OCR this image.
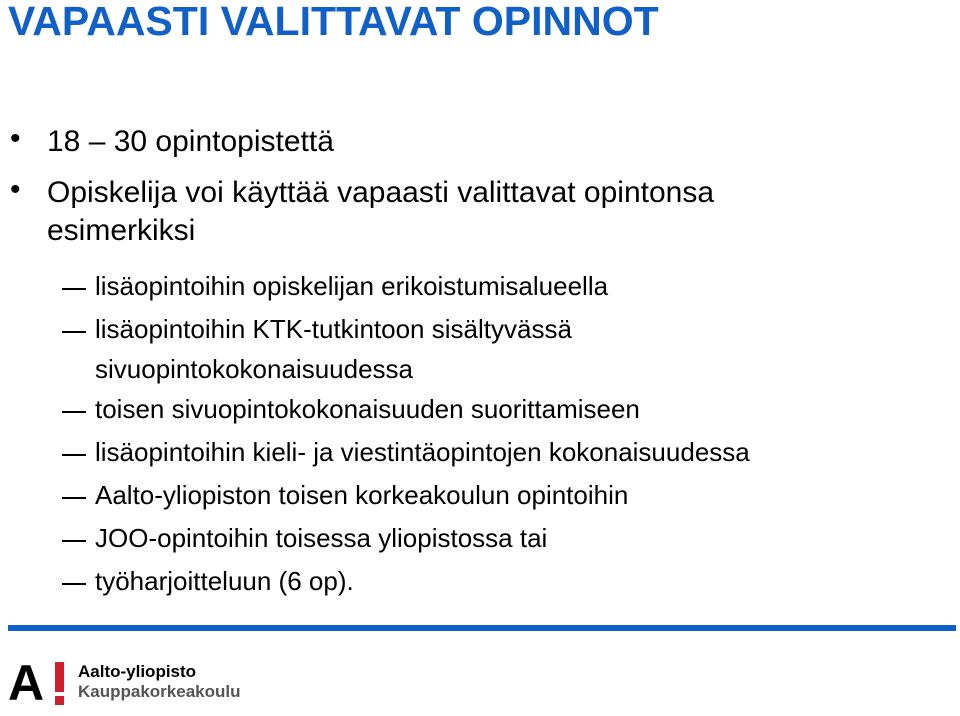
VAPAASTI VALITTAVAT OPINNOT
• 18 – 30 opintopistettä
• Opiskelija voi käyttää vapaasti valittavat opintonsa esimerkiksi
lisäopintoihin opiskelijan erikoistumisalueella
lisäopintoihin KTK-tutkintoon sisältyvässä sivuopintokokonaisuudessa
toisen sivuopintokokonaisuuden suorittamiseen
lisäopintoihin kieli- ja viestintäopintojen kokonaisuudessa
Aalto-yliopiston toisen korkeakoulun opintoihin
JOO-opintoihin toisessa yliopistossa tai
työharjoitteluun (6 op).
A Aalto-yliopisto
Kauppakorkeakoulu
